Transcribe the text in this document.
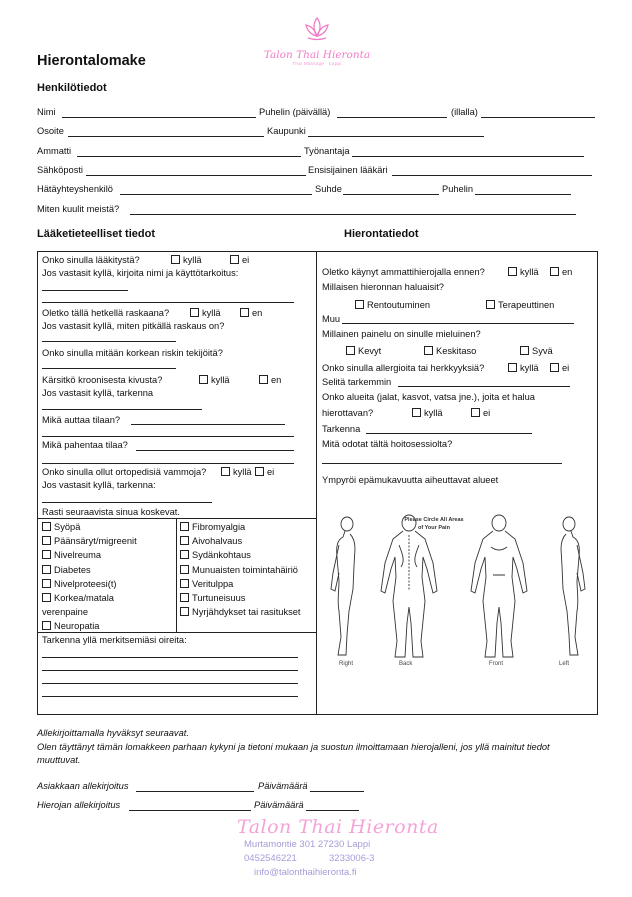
Talon Thai Hieronta
Thai Massage · Lappi
Hierontalomake
Henkilötiedot
Nimi	Puhelin (päivällä)	(illalla)
Osoite	Kaupunki
Ammatti	Työnantaja
Sähköposti	Ensisijainen lääkäri
Hätäyhteyshenkilö	Suhde	Puhelin
Miten kuulit meistä?
Lääketieteelliset tiedot	Hierontatiedot
Onko sinulla lääkitystä?	kyllä	ei
Jos vastasit kyllä, kirjoita nimi ja käyttötarkoitus:
Oletko tällä hetkellä raskaana?	kyllä	en
Jos vastasit kyllä, miten pitkällä raskaus on?
Onko sinulla mitään korkean riskin tekijöitä?
Kärsitkö kroonisesta kivusta?	kyllä	en
Jos vastasit kyllä, tarkenna
Mikä auttaa tilaan?
Mikä pahentaa tilaa?
Onko sinulla ollut ortopedisiä vammoja?	kyllä	ei
Jos vastasit kyllä, tarkenna:
Rasti seuraavista sinua koskevat.
Syöpä
Päänsäryt/migreenit
Nivelreuma
Diabetes
Nivelproteesi(t)
Korkea/matala
verenpaine
Neuropatia
Fibromyalgia
Aivohalvaus
Sydänkohtaus
Munuaisten toimintahäiriö
Veritulppa
Turtuneisuus
Nyrjähdykset tai rasitukset
Tarkenna yllä merkitsemiäsi oireita:
Oletko käynyt ammattihierojalla ennen?	kyllä	en
Millaisen hieronnan haluaisit?
Rentoutuminen	Terapeuttinen
Muu
Millainen painelu on sinulle mieluinen?
Kevyt	Keskitaso	Syvä
Onko sinulla allergioita tai herkkyyksiä?	kyllä	ei
Selitä tarkemmin
Onko alueita (jalat, kasvot, vatsa jne.), joita et halua
hierottavan?	kyllä	ei
Tarkenna
Mitä odotat tältä hoitosessiolta?
Ympyröi epämukavuutta aiheuttavat alueet
Please Circle All Areas
of Your Pain
Right	Back	Front	Left
Allekirjoittamalla hyväksyt seuraavat.
Olen täyttänyt tämän lomakkeen parhaan kykyni ja tietoni mukaan ja suostun ilmoittamaan hierojalleni, jos yllä mainitut tiedot
muuttuvat.
Asiakkaan allekirjoitus	Päivämäärä
Hierojan allekirjoitus	Päivämäärä
Talon Thai Hieronta
Murtamontie 301 27230 Lappi
0452546221	3233006-3
info@talonthaihieronta.fi
